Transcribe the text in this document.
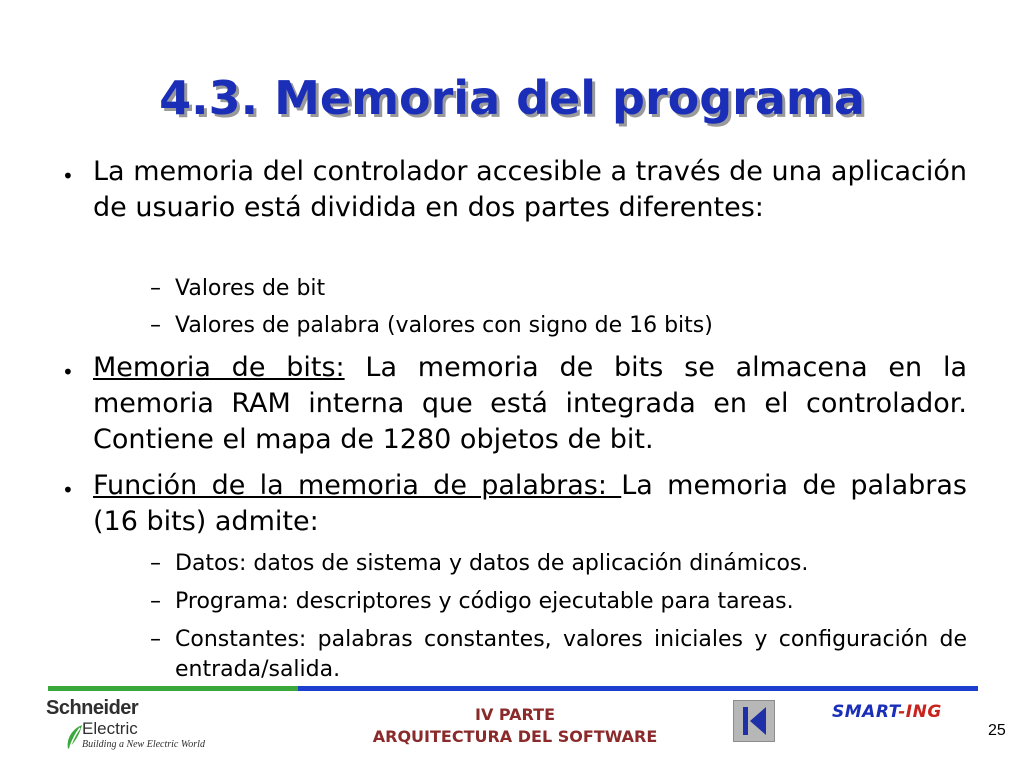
4.3. Memoria del programa
• La memoria del controlador accesible a través de una aplicación de usuario está dividida en dos partes diferentes:
– Valores de bit
– Valores de palabra (valores con signo de 16 bits)
• Memoria de bits: La memoria de bits se almacena en la memoria RAM interna que está integrada en el controlador. Contiene el mapa de 1280 objetos de bit.
• Función de la memoria de palabras: La memoria de palabras (16 bits) admite:
– Datos: datos de sistema y datos de aplicación dinámicos.
– Programa: descriptores y código ejecutable para tareas.
– Constantes: palabras constantes, valores iniciales y configuración de entrada/salida.
Schneider
Electric
Building a New Electric World
IV PARTE
ARQUITECTURA DEL SOFTWARE
SMART-ING
25
